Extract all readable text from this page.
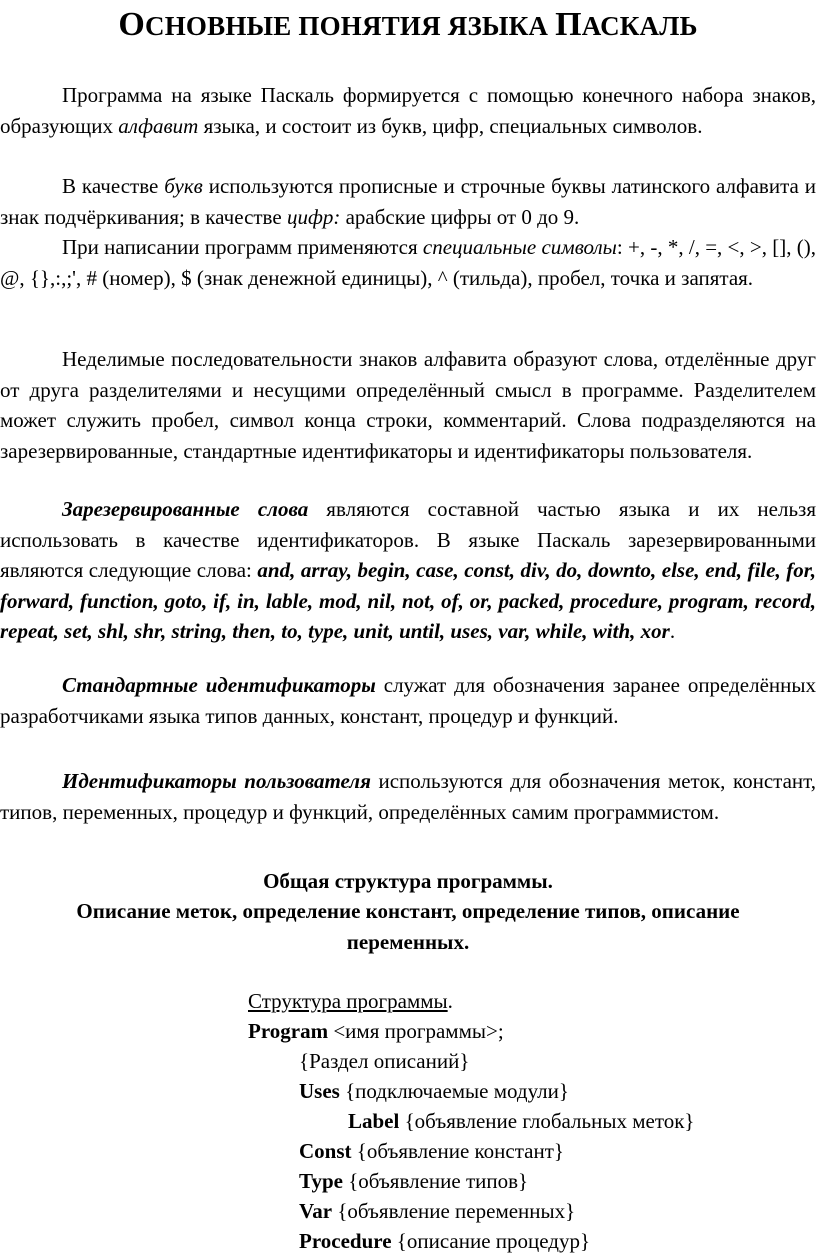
ОСНОВНЫЕ ПОНЯТИЯ ЯЗЫКА ПАСКАЛЬ

Программа на языке Паскаль формируется с помощью конечного набора знаков, образующих алфавит языка, и состоит из букв, цифр, специальных символов.

В качестве букв используются прописные и строчные буквы латинского алфавита и знак подчёркивания; в качестве цифр: арабские цифры от 0 до 9.

При написании программ применяются специальные символы: +, -, *, /, =, <, >, [], (), @, {},:,;', # (номер), $ (знак денежной единицы), ^ (тильда), пробел, точка и запятая.

Неделимые последовательности знаков алфавита образуют слова, отделённые друг от друга разделителями и несущими определённый смысл в программе. Разделителем может служить пробел, символ конца строки, комментарий. Слова подразделяются на зарезервированные, стандартные идентификаторы и идентификаторы пользователя.

Зарезервированные слова являются составной частью языка и их нельзя использовать в качестве идентификаторов. В языке Паскаль зарезервированными являются следующие слова: and, array, begin, case, const, div, do, downto, else, end, file, for, forward, function, goto, if, in, lable, mod, nil, not, of, or, packed, procedure, program, record, repeat, set, shl, shr, string, then, to, type, unit, until, uses, var, while, with, xor.

Стандартные идентификаторы служат для обозначения заранее определённых разработчиками языка типов данных, констант, процедур и функций.

Идентификаторы пользователя используются для обозначения меток, констант, типов, переменных, процедур и функций, определённых самим программистом.

Общая структура программы.
Описание меток, определение констант, определение типов, описание переменных.
Структура программы.
Program <имя программы>;
{Раздел описаний}
Uses {подключаемые модули}
Label {объявление глобальных меток}
Const {объявление констант}
Type {объявление типов}
Var {объявление переменных}
Procedure {описание процедур}
